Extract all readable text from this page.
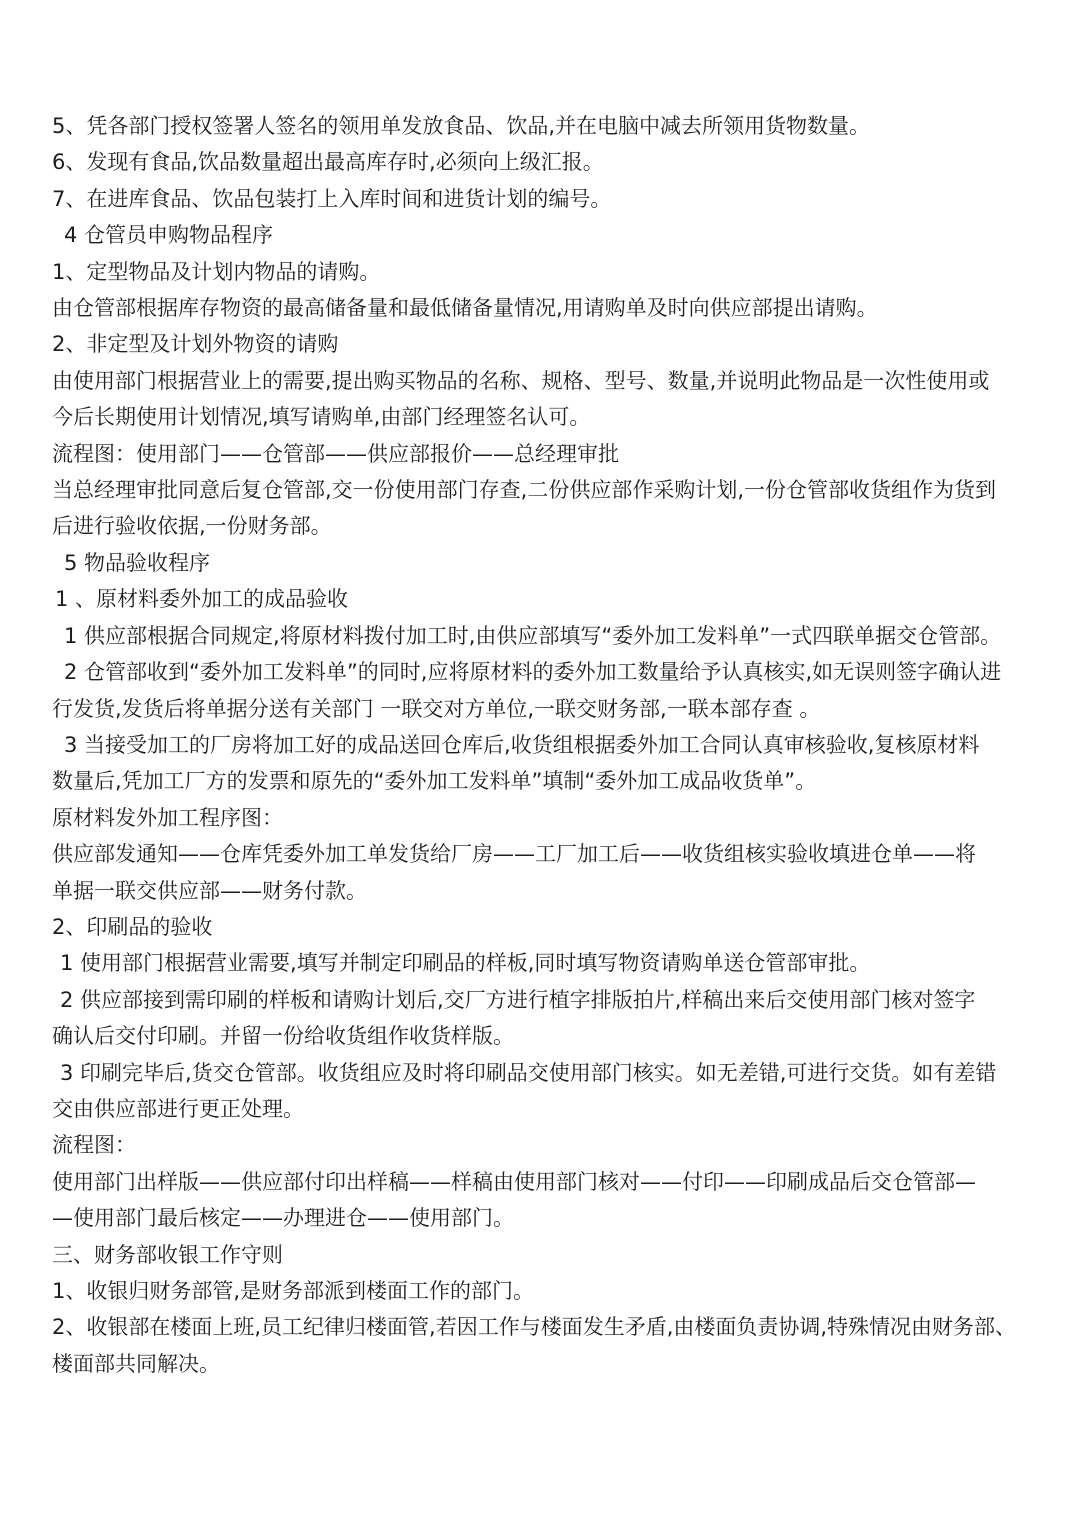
5、凭各部门授权签署人签名的领用单发放食品、饮品,并在电脑中减去所领用货物数量。

6、发现有食品,饮品数量超出最高库存时,必须向上级汇报。

7、在进库食品、饮品包装打上入库时间和进货计划的编号。

4 仓管员申购物品程序

1、定型物品及计划内物品的请购。

由仓管部根据库存物资的最高储备量和最低储备量情况,用请购单及时向供应部提出请购。

2、非定型及计划外物资的请购

由使用部门根据营业上的需要,提出购买物品的名称、规格、型号、数量,并说明此物品是一次性使用或

今后长期使用计划情况,填写请购单,由部门经理签名认可。

流程图：使用部门——仓管部——供应部报价——总经理审批

当总经理审批同意后复仓管部,交一份使用部门存查,二份供应部作采购计划,一份仓管部收货组作为货到

后进行验收依据,一份财务部。

5 物品验收程序

1 、原材料委外加工的成品验收

1 供应部根据合同规定,将原材料拨付加工时,由供应部填写“委外加工发料单”一式四联单据交仓管部。

2 仓管部收到“委外加工发料单”的同时,应将原材料的委外加工数量给予认真核实,如无误则签字确认进

行发货,发货后将单据分送有关部门 一联交对方单位,一联交财务部,一联本部存查 。

3 当接受加工的厂房将加工好的成品送回仓库后,收货组根据委外加工合同认真审核验收,复核原材料

数量后,凭加工厂方的发票和原先的“委外加工发料单”填制“委外加工成品收货单”。

原材料发外加工程序图：

供应部发通知——仓库凭委外加工单发货给厂房——工厂加工后——收货组核实验收填进仓单——将

单据一联交供应部——财务付款。

2、印刷品的验收

1 使用部门根据营业需要,填写并制定印刷品的样板,同时填写物资请购单送仓管部审批。

2 供应部接到需印刷的样板和请购计划后,交厂方进行植字排版拍片,样稿出来后交使用部门核对签字

确认后交付印刷。并留一份给收货组作收货样版。

3 印刷完毕后,货交仓管部。收货组应及时将印刷品交使用部门核实。如无差错,可进行交货。如有差错

交由供应部进行更正处理。

流程图：

使用部门出样版——供应部付印出样稿——样稿由使用部门核对——付印——印刷成品后交仓管部—

—使用部门最后核定——办理进仓——使用部门。

三、财务部收银工作守则

1、收银归财务部管,是财务部派到楼面工作的部门。

2、收银部在楼面上班,员工纪律归楼面管,若因工作与楼面发生矛盾,由楼面负责协调,特殊情况由财务部、

楼面部共同解决。
